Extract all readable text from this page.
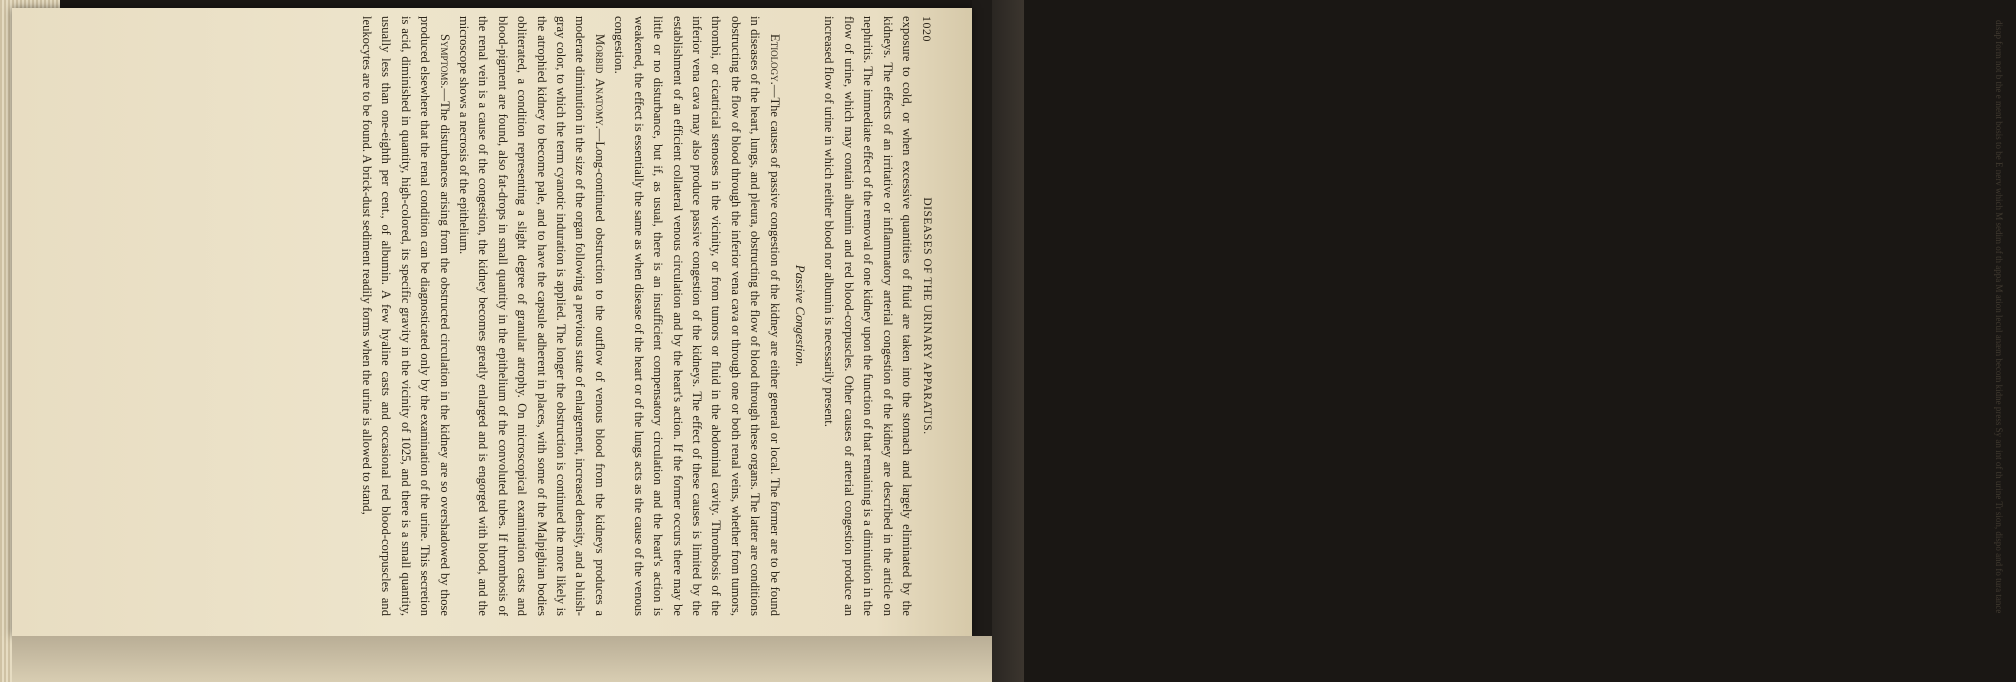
disap form not b the e ment bosis to be E nerv which M sedim of th appa M ation lecul anæm becom kidne press Sy an int of th urine Tr sion, dispo and fo tura tance
1020
DISEASES OF THE URINARY APPARATUS.

exposure to cold, or when excessive quantities of fluid are taken into the stomach and largely eliminated by the kidneys. The effects of an irritative or inflammatory arterial congestion of the kidney are described in the article on nephritis. The immediate effect of the removal of one kidney upon the function of that remaining is a diminution in the flow of urine, which may contain albumin and red blood-corpuscles. Other causes of arterial congestion produce an increased flow of urine in which neither blood nor albumin is necessarily present.

Passive Congestion.

Etiology.—The causes of passive congestion of the kidney are either general or local. The former are to be found in diseases of the heart, lungs, and pleura, obstructing the flow of blood through these organs. The latter are conditions obstructing the flow of blood through the inferior vena cava or through one or both renal veins, whether from tumors, thrombi, or cicatricial stenoses in the vicinity, or from tumors or fluid in the abdominal cavity. Thrombosis of the inferior vena cava may also produce passive congestion of the kidneys. The effect of these causes is limited by the establishment of an efficient collateral venous circulation and by the heart's action. If the former occurs there may be little or no disturbance, but if, as usual, there is an insufficient compensatory circulation and the heart's action is weakened, the effect is essentially the same as when disease of the heart or of the lungs acts as the cause of the venous congestion.

Morbid Anatomy.—Long-continued obstruction to the outflow of venous blood from the kidneys produces a moderate diminution in the size of the organ following a previous state of enlargement, increased density, and a bluish-gray color, to which the term cyanotic induration is applied. The longer the obstruction is continued the more likely is the atrophied kidney to become pale, and to have the capsule adherent in places, with some of the Malpighian bodies obliterated, a condition representing a slight degree of granular atrophy. On microscopical examination casts and blood-pigment are found, also fat-drops in small quantity in the epithelium of the convoluted tubes. If thrombosis of the renal vein is a cause of the congestion, the kidney becomes greatly enlarged and is engorged with blood, and the microscope shows a necrosis of the epithelium.

Symptoms.—The disturbances arising from the obstructed circulation in the kidney are so overshadowed by those produced elsewhere that the renal condition can be diagnosticated only by the examination of the urine. This secretion is acid, diminished in quantity, high-colored, its specific gravity in the vicinity of 1025, and there is a small quantity, usually less than one-eighth per cent., of albumin. A few hyaline casts and occasional red blood-corpuscles and leukocytes are to be found. A brick-dust sediment readily forms when the urine is allowed to stand,
